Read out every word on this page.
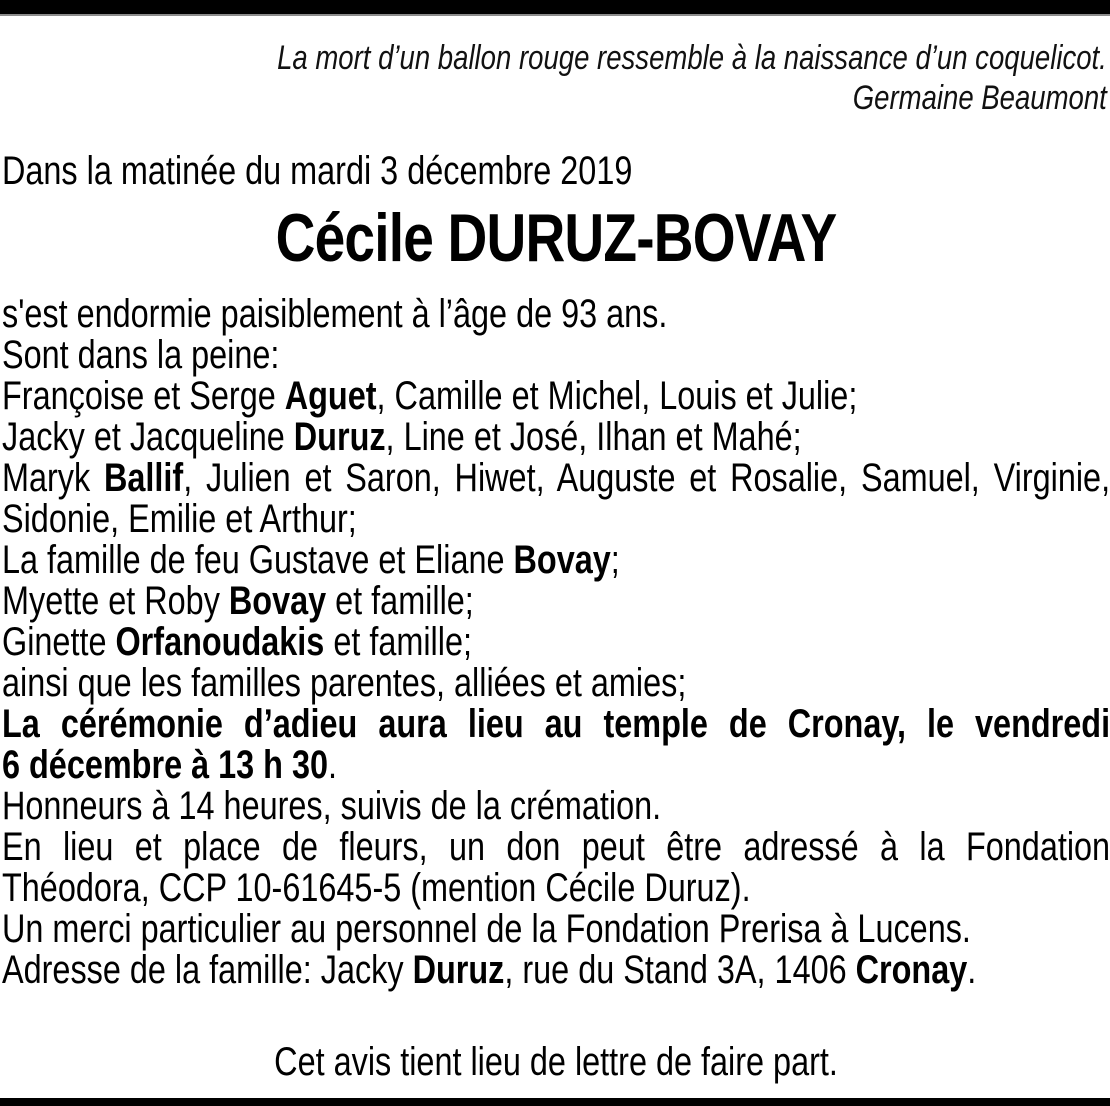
La mort d’un ballon rouge ressemble à la naissance d’un coquelicot.
Germaine Beaumont
Dans la matinée du mardi 3 décembre 2019
Cécile DURUZ-BOVAY
s'est endormie paisiblement à l’âge de 93 ans.
Sont dans la peine:
Françoise et Serge Aguet, Camille et Michel, Louis et Julie;
Jacky et Jacqueline Duruz, Line et José, Ilhan et Mahé;
Maryk Ballif, Julien et Saron, Hiwet, Auguste et Rosalie, Samuel, Virginie,
Sidonie, Emilie et Arthur;
La famille de feu Gustave et Eliane Bovay;
Myette et Roby Bovay et famille;
Ginette Orfanoudakis et famille;
ainsi que les familles parentes, alliées et amies;
La cérémonie d’adieu aura lieu au temple de Cronay, le vendredi
6 décembre à 13 h 30.
Honneurs à 14 heures, suivis de la crémation.
En lieu et place de fleurs, un don peut être adressé à la Fondation
Théodora, CCP 10-61645-5 (mention Cécile Duruz).
Un merci particulier au personnel de la Fondation Prerisa à Lucens.
Adresse de la famille: Jacky Duruz, rue du Stand 3A, 1406 Cronay.
Cet avis tient lieu de lettre de faire part.
